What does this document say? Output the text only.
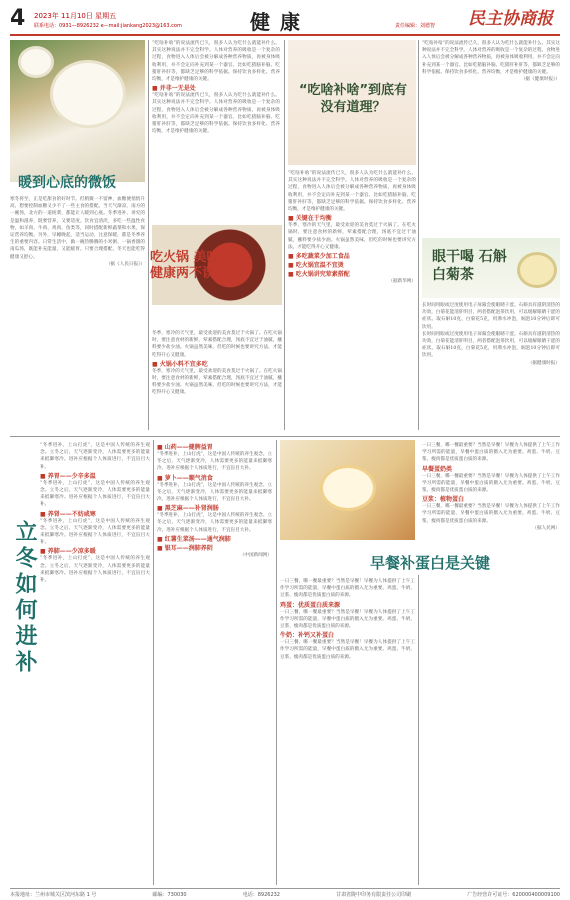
4 2023年 11月10日 星期五
联系电话：0931—8926232 e—mail:jiankang2023@163.com	健康	责任编辑：刘德智 民主协商报
暖到心底的微饭

寒冬将至，正是吃甜食的好时节。但稍微一不留神，血糖便悄悄升高，想要控制血糖又少不了一些主食的搭配。当天气渐凉，南方的一碗汤，北方的一道炖菜，都能让人暖到心底。冬季进补，讲究的是温和滋养，既要营养，又要适度。饮食宜清淡，多吃一些温性食物，如羊肉、牛肉、鸡肉、鱼类等，同时搭配新鲜蔬菜和水果，保证营养均衡。另外，早睡晚起，适当运动，注意保暖，都是冬季养生的重要内容。日常生活中，做一碗热腾腾的小米粥、一锅香甜的南瓜汤，既能补充能量，又能暖胃。只要合理搭配，冬天也能吃得健康又舒心。

（据《人民日报》）

“吃啥补啥”的说法流传已久，很多人认为吃什么就能补什么。其实这种说法并不完全科学。人体对营养的吸收是一个复杂的过程，食物进入人体后会被分解成各种营养物质，再被身体吸收利用，并不会定向补充到某一个器官。比如吃猪脑补脑、吃猪肝补肝等，都缺乏足够的科学依据。保持饮食多样化、营养均衡，才是维护健康的关键。

■ 并非一无是处

“吃啥补啥”的说法流传已久，很多人认为吃什么就能补什么。其实这种说法并不完全科学。人体对营养的吸收是一个复杂的过程，食物进入人体后会被分解成各种营养物质，再被身体吸收利用，并不会定向补充到某一个器官。比如吃猪脑补脑、吃猪肝补肝等，都缺乏足够的科学依据。保持饮食多样化、营养均衡，才是维护健康的关键。

吃火锅 美味健康两不误

冬季，寒冷的天气里，最受欢迎的美食莫过于火锅了。在吃火锅时，要注意食材的新鲜，荤素搭配合理，汤底不宜过于油腻，蘸料要少盐少油。火锅虽然美味，但吃的时候也要讲究方法，才能吃得开心又健康。

■ 火锅小料不宜多吃

冬季，寒冷的天气里，最受欢迎的美食莫过于火锅了。在吃火锅时，要注意食材的新鲜，荤素搭配合理，汤底不宜过于油腻，蘸料要少盐少油。火锅虽然美味，但吃的时候也要讲究方法，才能吃得开心又健康。

“吃啥补啥”到底有没有道理？

“吃啥补啥”的说法流传已久，很多人认为吃什么就能补什么。其实这种说法并不完全科学。人体对营养的吸收是一个复杂的过程，食物进入人体后会被分解成各种营养物质，再被身体吸收利用，并不会定向补充到某一个器官。比如吃猪脑补脑、吃猪肝补肝等，都缺乏足够的科学依据。保持饮食多样化、营养均衡，才是维护健康的关键。

■ 关键在于均衡

冬季，寒冷的天气里，最受欢迎的美食莫过于火锅了。在吃火锅时，要注意食材的新鲜，荤素搭配合理，汤底不宜过于油腻，蘸料要少盐少油。火锅虽然美味，但吃的时候也要讲究方法，才能吃得开心又健康。

■ 多吃蔬菜少加工食品

■ 吃火锅宜温不宜烫

■ 吃火锅讲究荤素搭配

（据新华网）

“吃啥补啥”的说法流传已久，很多人认为吃什么就能补什么。其实这种说法并不完全科学。人体对营养的吸收是一个复杂的过程，食物进入人体后会被分解成各种营养物质，再被身体吸收利用，并不会定向补充到某一个器官。比如吃猪脑补脑、吃猪肝补肝等，都缺乏足够的科学依据。保持饮食多样化、营养均衡，才是维护健康的关键。

（据《健康时报》）

眼干喝 石斛白菊茶

长时间用眼或过度使用电子屏幕会使眼睛干涩。石斛具有滋阴清热的功效，白菊花能清肝明目，两者搭配泡茶饮用，可以缓解眼睛干涩的症状。取石斛10克、白菊花5克，用沸水冲泡，焖泡10分钟后即可饮用。

长时间用眼或过度使用电子屏幕会使眼睛干涩。石斛具有滋阴清热的功效，白菊花能清肝明目，两者搭配泡茶饮用，可以缓解眼睛干涩的症状。取石斛10克、白菊花5克，用沸水冲泡，焖泡10分钟后即可饮用。

（据健康时报）

立冬如何进补

“冬季进补，上山打虎”，这是中国人传统的养生观念。立冬之后，天气逐渐变冷，人体需要更多的能量来抵御寒冷。进补应根据个人体质进行，不宜盲目大补。

■ 养胃——少辛多温

“冬季进补，上山打虎”，这是中国人传统的养生观念。立冬之后，天气逐渐变冷，人体需要更多的能量来抵御寒冷。进补应根据个人体质进行，不宜盲目大补。

■ 养肾——不妨咸寒

“冬季进补，上山打虎”，这是中国人传统的养生观念。立冬之后，天气逐渐变冷，人体需要更多的能量来抵御寒冷。进补应根据个人体质进行，不宜盲目大补。

■ 养肺——少凉多暖

“冬季进补，上山打虎”，这是中国人传统的养生观念。立冬之后，天气逐渐变冷，人体需要更多的能量来抵御寒冷。进补应根据个人体质进行，不宜盲目大补。

■ 山药——健脾益胃

“冬季进补，上山打虎”，这是中国人传统的养生观念。立冬之后，天气逐渐变冷，人体需要更多的能量来抵御寒冷。进补应根据个人体质进行，不宜盲目大补。

■ 萝卜——顺气消食

“冬季进补，上山打虎”，这是中国人传统的养生观念。立冬之后，天气逐渐变冷，人体需要更多的能量来抵御寒冷。进补应根据个人体质进行，不宜盲目大补。

■ 黑芝麻——补肾润肠

“冬季进补，上山打虎”，这是中国人传统的养生观念。立冬之后，天气逐渐变冷，人体需要更多的能量来抵御寒冷。进补应根据个人体质进行，不宜盲目大补。

■ 红薯生菜汤——通气润肺

■ 银耳——润肺养阴

（中国新闻网）	早餐补蛋白是关键

一日三餐，哪一餐最重要？当然是早餐！早餐为人体提供了上午工作学习所需的能量，早餐中蛋白质的摄入尤为重要。鸡蛋、牛奶、豆浆、瘦肉都是优质蛋白质的来源。

鸡蛋：优质蛋白质来源

一日三餐，哪一餐最重要？当然是早餐！早餐为人体提供了上午工作学习所需的能量，早餐中蛋白质的摄入尤为重要。鸡蛋、牛奶、豆浆、瘦肉都是优质蛋白质的来源。

牛奶：补钙又补蛋白

一日三餐，哪一餐最重要？当然是早餐！早餐为人体提供了上午工作学习所需的能量，早餐中蛋白质的摄入尤为重要。鸡蛋、牛奶、豆浆、瘦肉都是优质蛋白质的来源。

一日三餐，哪一餐最重要？当然是早餐！早餐为人体提供了上午工作学习所需的能量，早餐中蛋白质的摄入尤为重要。鸡蛋、牛奶、豆浆、瘦肉都是优质蛋白质的来源。

早餐蛋奶类

一日三餐，哪一餐最重要？当然是早餐！早餐为人体提供了上午工作学习所需的能量，早餐中蛋白质的摄入尤为重要。鸡蛋、牛奶、豆浆、瘦肉都是优质蛋白质的来源。

豆浆：植物蛋白

一日三餐，哪一餐最重要？当然是早餐！早餐为人体提供了上午工作学习所需的能量，早餐中蛋白质的摄入尤为重要。鸡蛋、牛奶、豆浆、瘦肉都是优质蛋白质的来源。

（据人民网）

本报地址：兰州市城关区滨河东路 1 号	邮编：730030	电话：8926232	甘肃省陇中印务有限责任公司印刷	广告经营许可证号：620000400009100
